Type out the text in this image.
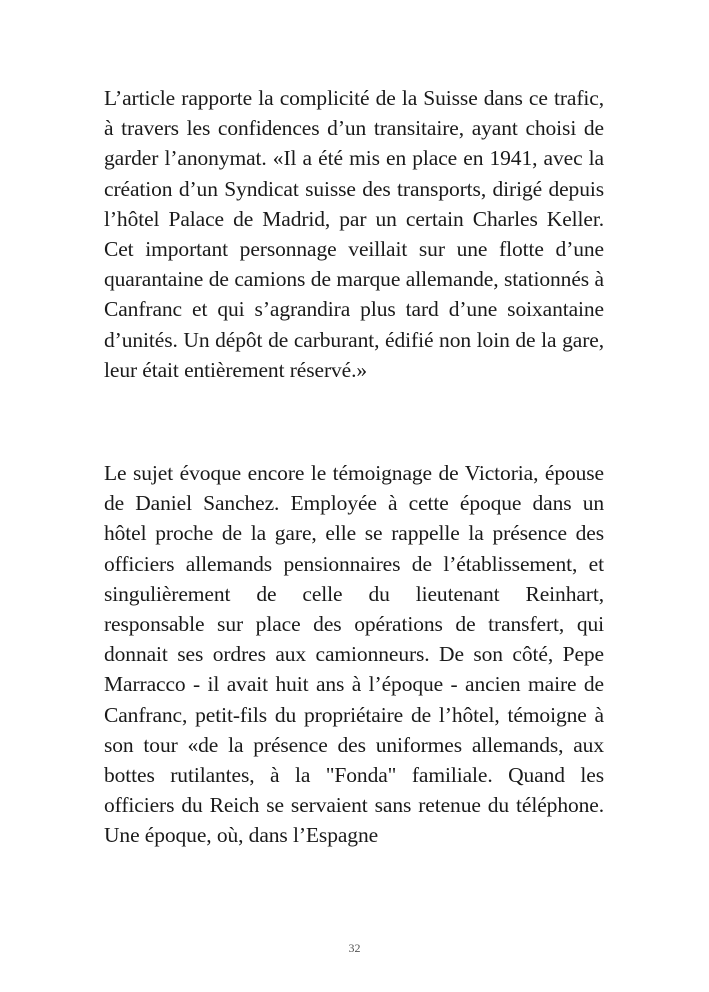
L’article rapporte la complicité de la Suisse dans ce trafic, à travers les confidences d’un transitaire, ayant choisi de garder l’anonymat. «Il a été mis en place en 1941, avec la création d’un Syndicat suisse des transports, dirigé depuis l’hôtel Palace de Madrid, par un certain Charles Keller. Cet important personnage veillait sur une flotte d’une quarantaine de camions de marque allemande, stationnés à Canfranc et qui s’agrandira plus tard d’une soixantaine d’unités. Un dépôt de carburant, édifié non loin de la gare, leur était entièrement réservé.»

Le sujet évoque encore le témoignage de Victoria, épouse de Daniel Sanchez. Employée à cette époque dans un hôtel proche de la gare, elle se rappelle la présence des officiers allemands pensionnaires de l’établissement, et singulièrement de celle du lieutenant Reinhart, responsable sur place des opérations de transfert, qui donnait ses ordres aux camionneurs. De son côté, Pepe Marracco - il avait huit ans à l’époque - ancien maire de Canfranc, petit-fils du propriétaire de l’hôtel, témoigne à son tour «de la présence des uniformes allemands, aux bottes rutilantes, à la "Fonda" familiale. Quand les officiers du Reich se servaient sans retenue du téléphone. Une époque, où, dans l’Espagne

32
